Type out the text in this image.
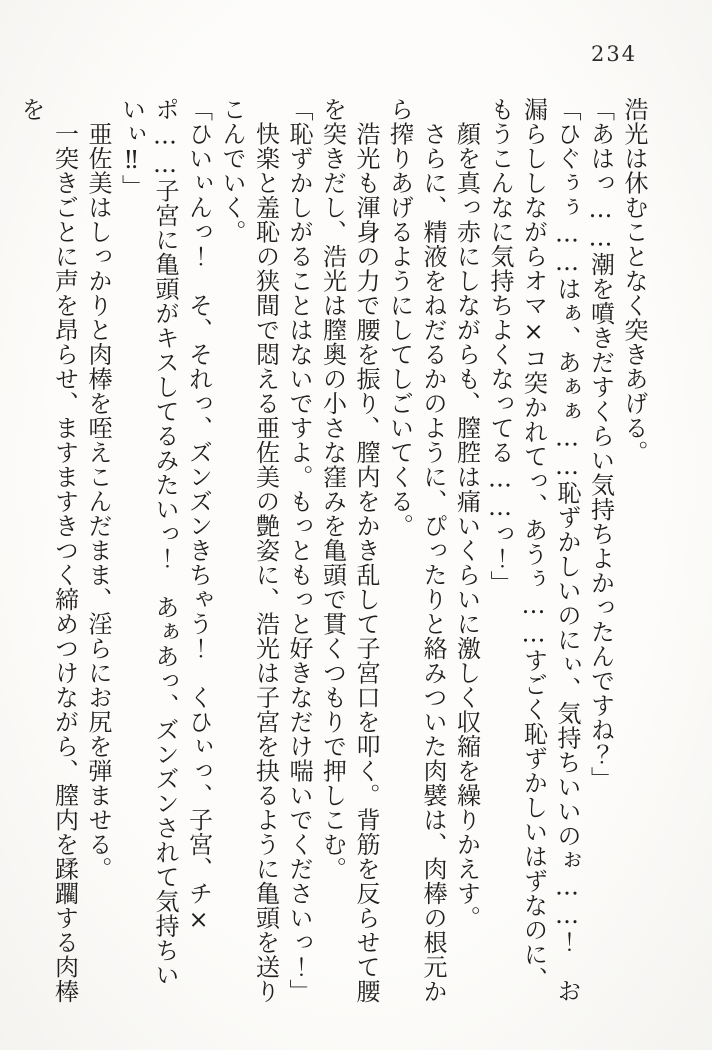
234

浩光は休むことなく突きあげる。

「あはっ……潮を噴きだすくらい気持ちよかったんですね？」

「ひぐぅぅ……はぁ、あぁぁ……恥ずかしいのにぃ、気持ちいいのぉ……！　お漏らししながらオマ×コ突かれてっ、あうぅ……すごく恥ずかしいはずなのに、もうこんなに気持ちよくなってる……っ！」

　顔を真っ赤にしながらも、膣腔は痛いくらいに激しく収縮を繰りかえす。

　さらに、精液をねだるかのように、ぴったりと絡みついた肉襞は、肉棒の根元から搾りあげるようにしてしごいてくる。

　浩光も渾身の力で腰を振り、膣内をかき乱して子宮口を叩く。背筋を反らせて腰を突きだし、浩光は膣奥の小さな窪みを亀頭で貫くつもりで押しこむ。

「恥ずかしがることはないですよ。もっともっと好きなだけ喘いでくださいっ！」

　快楽と羞恥の狭間で悶える亜佐美の艶姿に、浩光は子宮を抉るように亀頭を送りこんでいく。

「ひいぃんっ！　そ、それっ、ズンズンきちゃう！　くひぃっ、子宮、チ×ポ……子宮に亀頭がキスしてるみたいっ！　あぁあっ、ズンズンされて気持ちいいぃ‼」

　亜佐美はしっかりと肉棒を咥えこんだまま、淫らにお尻を弾ませる。

　一突きごとに声を昂らせ、ますますきつく締めつけながら、膣内を蹂躙する肉棒を
